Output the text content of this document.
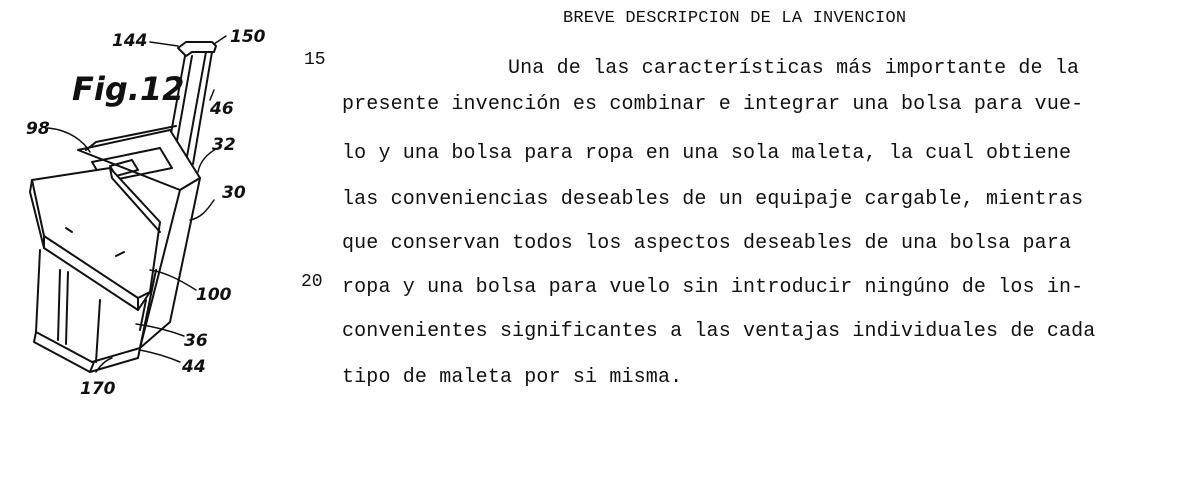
Fig.12
144	150
46
98
32
30
100
36
44
170
BREVE DESCRIPCION DE LA INVENCION
15
20
Una de las características más importante de la
presente invención es combinar e integrar una bolsa para vue-
lo y una bolsa para ropa en una sola maleta, la cual obtiene
las conveniencias deseables de un equipaje cargable, mientras
que conservan todos los aspectos deseables de una bolsa para
ropa y una bolsa para vuelo sin introducir ningúno de los in-
convenientes significantes a las ventajas individuales de cada
tipo de maleta por si misma.
